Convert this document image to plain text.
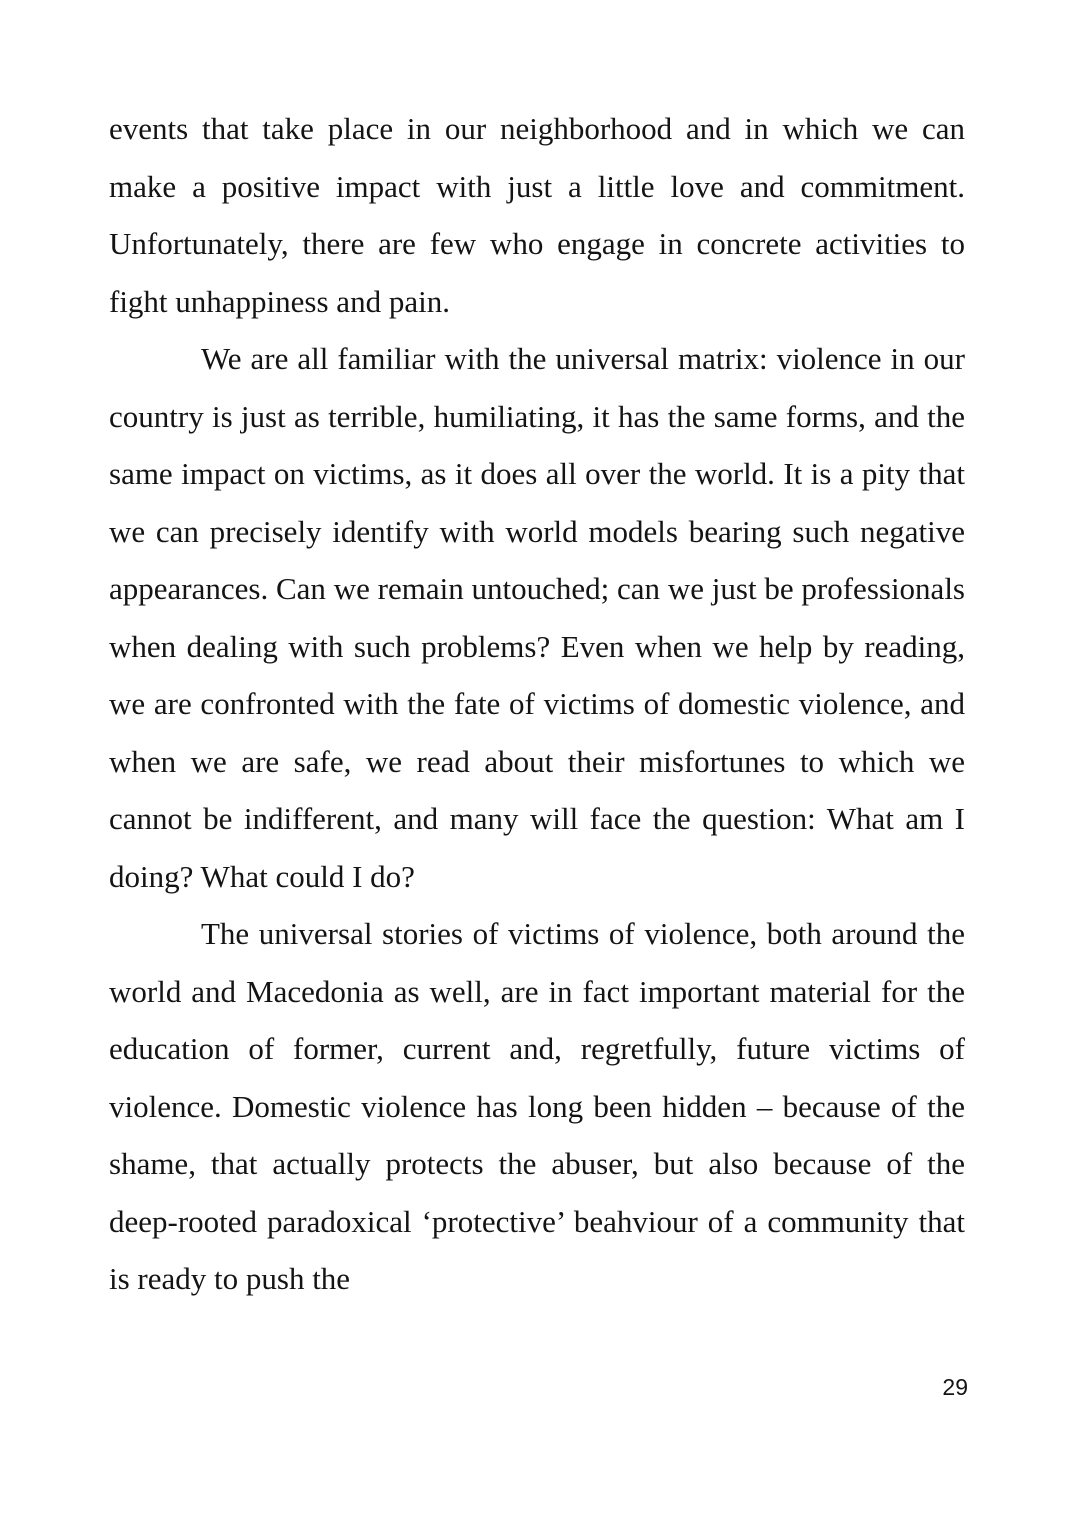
events that take place in our neighborhood and in which we can make a positive impact with just a little love and commitment. Unfortunately, there are few who engage in concrete activities to fight unhappiness and pain.

We are all familiar with the universal matrix: violence in our country is just as terrible, humiliating, it has the same forms, and the same impact on victims, as it does all over the world. It is a pity that we can precisely identify with world models bearing such negative appearances. Can we remain untouched; can we just be professionals when dealing with such problems? Even when we help by reading, we are confronted with the fate of victims of domestic violence, and when we are safe, we read about their misfortunes to which we cannot be indifferent, and many will face the question: What am I doing? What could I do?

The universal stories of victims of violence, both around the world and Macedonia as well, are in fact important material for the education of former, current and, regretfully, future victims of violence. Domestic violence has long been hidden – because of the shame, that actually protects the abuser, but also because of the deep-rooted paradoxical ‘protective’ beahviour of a community that is ready to push the

29
